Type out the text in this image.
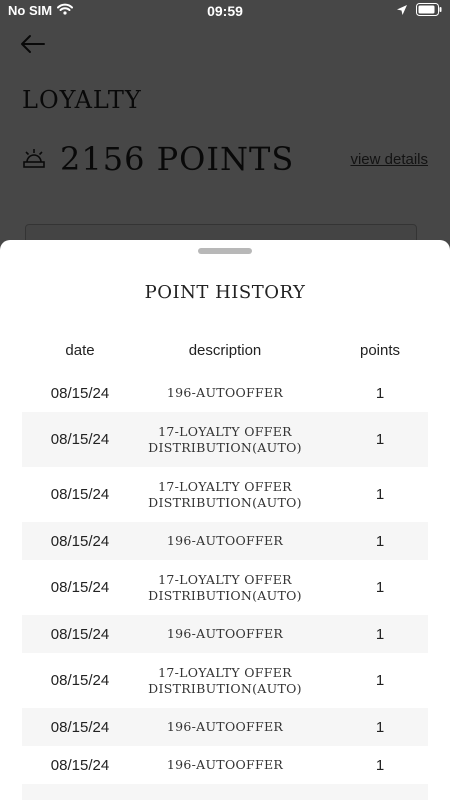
No SIM	09:59
POINT HISTORY
date	description	points
08/15/24	196-AUTOOFFER	1
08/15/24	17-LOYALTY OFFER DISTRIBUTION(AUTO)	1
08/15/24	17-LOYALTY OFFER DISTRIBUTION(AUTO)	1
08/15/24	196-AUTOOFFER	1
08/15/24	17-LOYALTY OFFER DISTRIBUTION(AUTO)	1
08/15/24	196-AUTOOFFER	1
08/15/24	17-LOYALTY OFFER DISTRIBUTION(AUTO)	1
08/15/24	196-AUTOOFFER	1
08/15/24	196-AUTOOFFER	1
